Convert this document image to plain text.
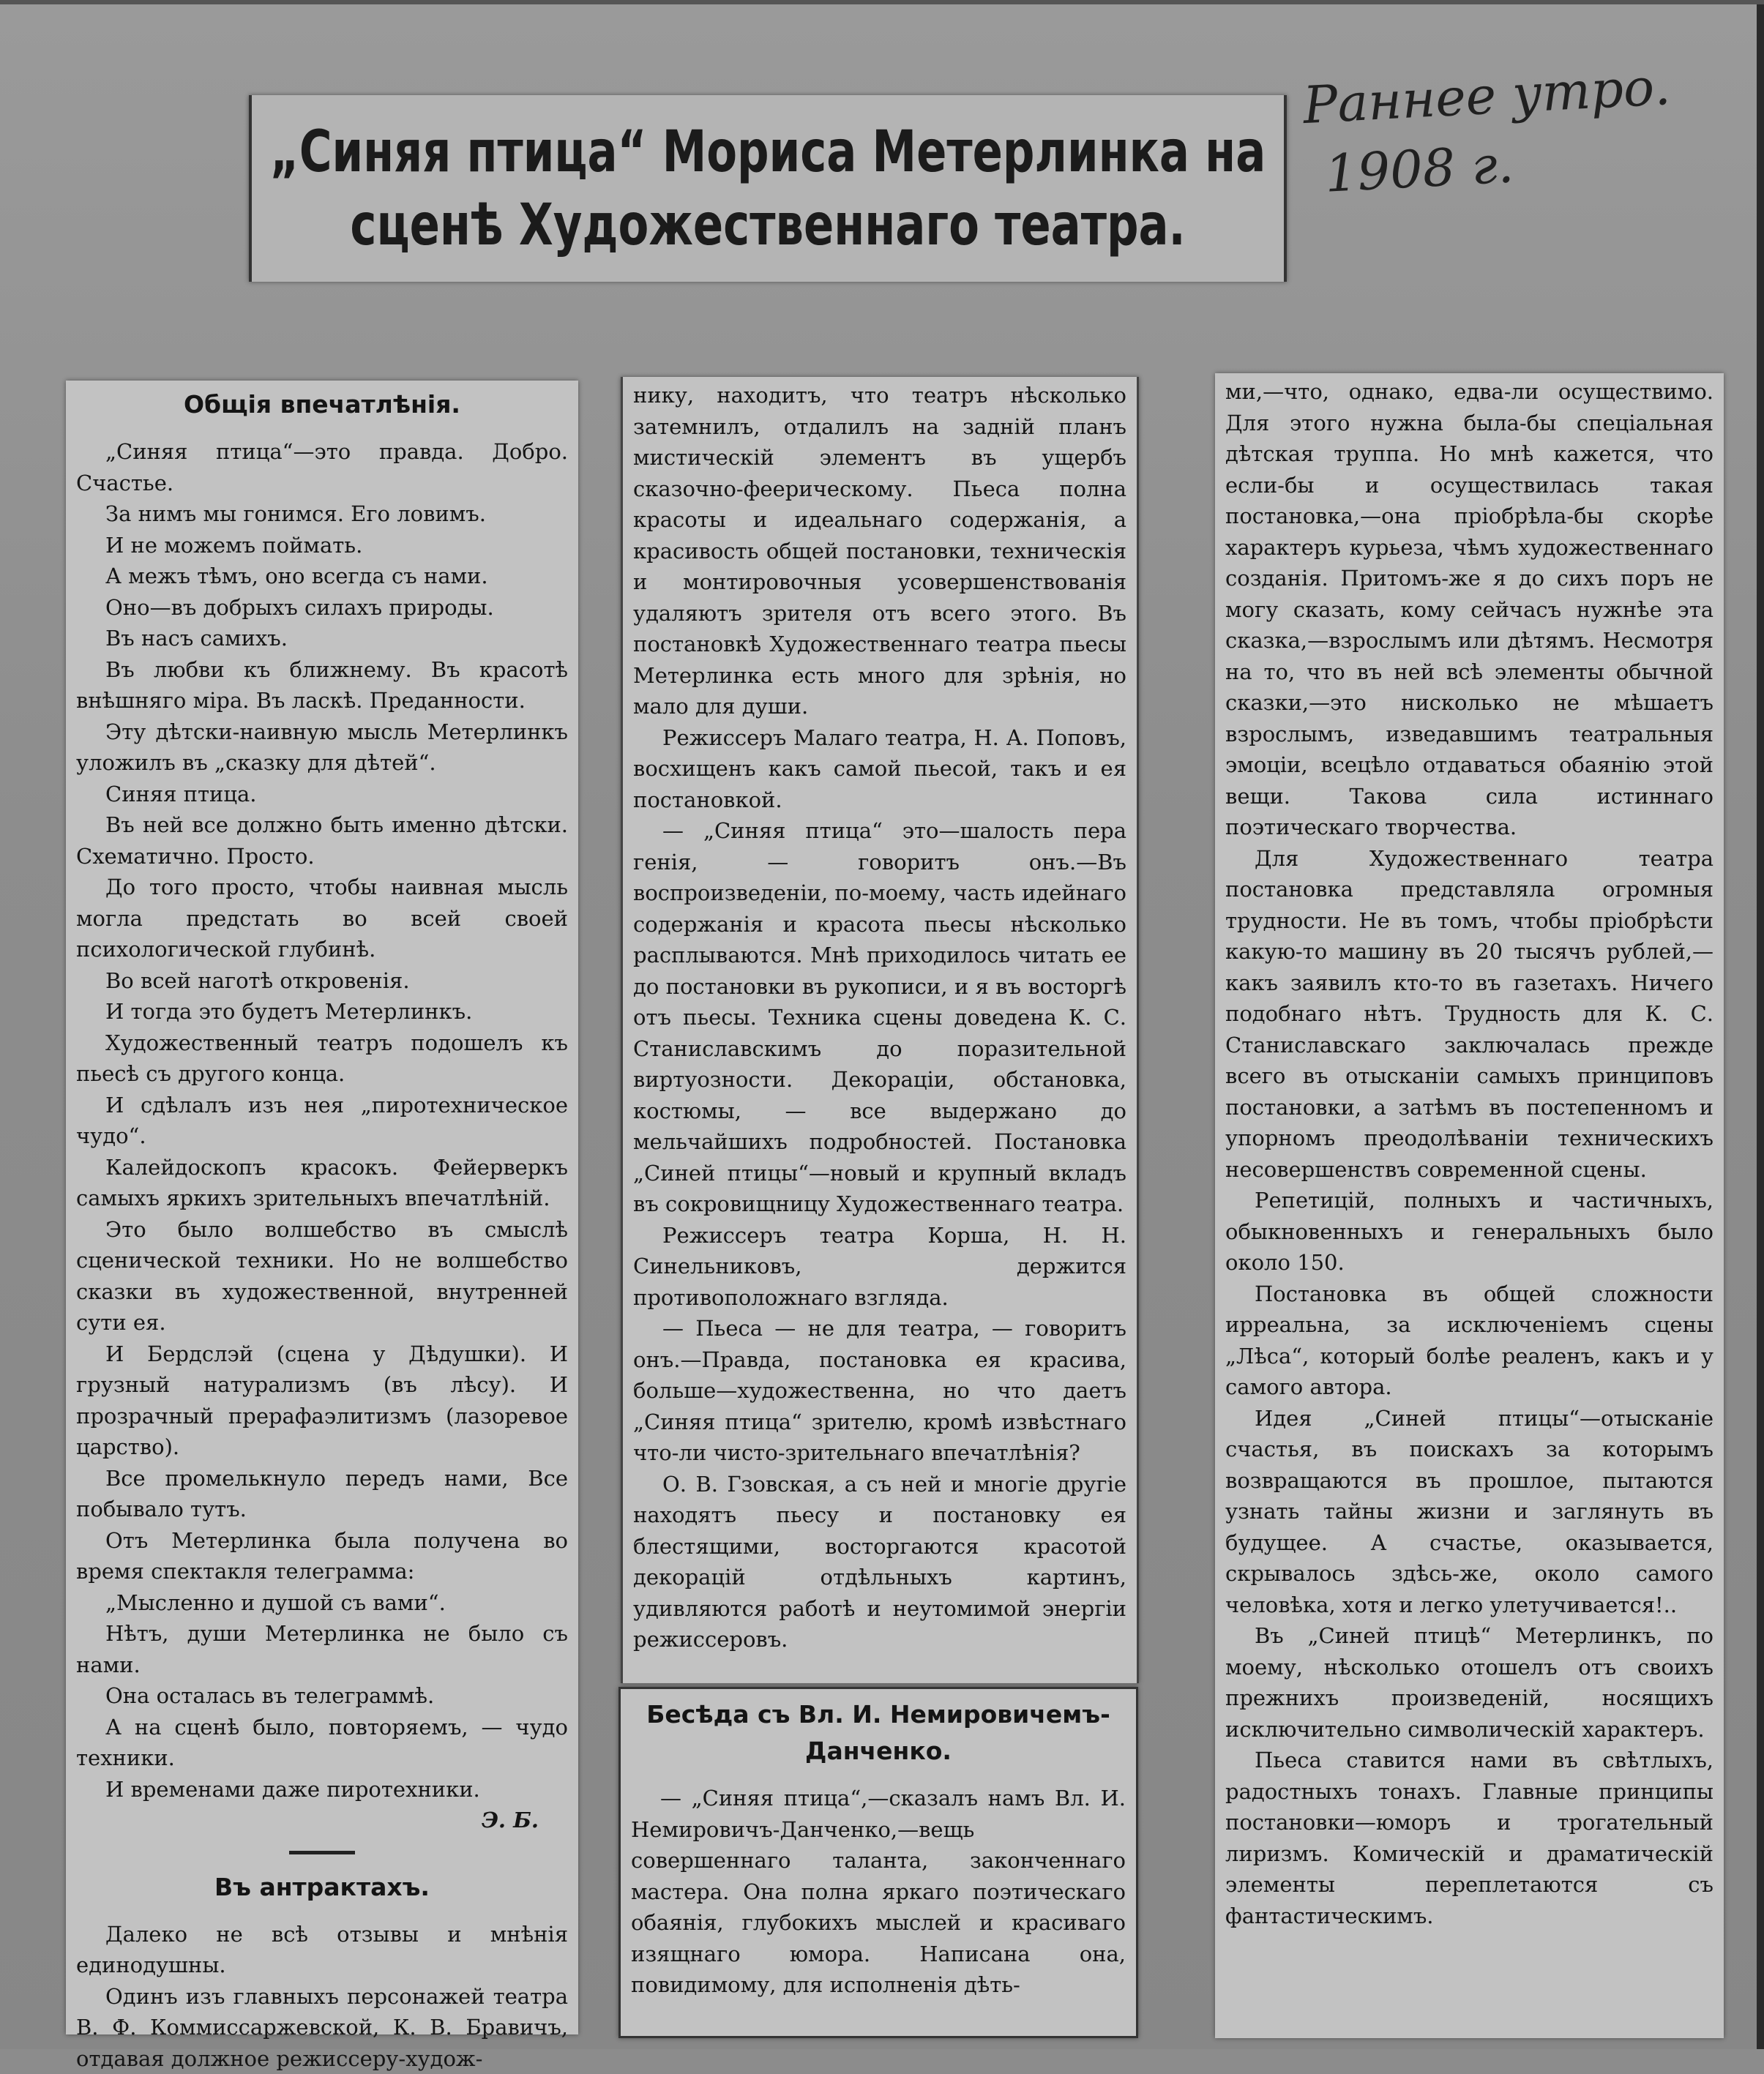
„Синяя птица“ Мориса Метерлинка на
сценѣ Художественнаго театра.
Раннее утро.
1908 г.
Общія впечатлѣнія.

„Синяя птица“—это правда. Добро. Счастье.

За нимъ мы гонимся. Его ловимъ.

И не можемъ поймать.

А межъ тѣмъ, оно всегда съ нами.

Оно—въ добрыхъ силахъ природы.

Въ насъ самихъ.

Въ любви къ ближнему. Въ красотѣ внѣшняго міра. Въ ласкѣ. Преданности.

Эту дѣтски-наивную мысль Метерлинкъ уложилъ въ „сказку для дѣтей“.

Синяя птица.

Въ ней все должно быть именно дѣтски. Схематично. Просто.

До того просто, чтобы наивная мысль могла предстать во всей своей психологической глубинѣ.

Во всей наготѣ откровенія.

И тогда это будетъ Метерлинкъ.

Художественный театръ подошелъ къ пьесѣ съ другого конца.

И сдѣлалъ изъ нея „пиротехническое чудо“.

Калейдоскопъ красокъ. Фейерверкъ самыхъ яркихъ зрительныхъ впечатлѣній.

Это было волшебство въ смыслѣ сценической техники. Но не волшебство сказки въ художественной, внутренней сути ея.

И Бердслэй (сцена у Дѣдушки). И грузный натурализмъ (въ лѣсу). И прозрачный прерафаэлитизмъ (лазоревое царство).

Все промелькнуло передъ нами, Все побывало тутъ.

Отъ Метерлинка была получена во время спектакля телеграмма:

„Мысленно и душой съ вами“.

Нѣтъ, души Метерлинка не было съ нами.

Она осталась въ телеграммѣ.

А на сценѣ было, повторяемъ, — чудо техники.

И временами даже пиротехники.

Э. Б.
Въ антрактахъ.

Далеко не всѣ отзывы и мнѣнія единодушны.

Одинъ изъ главныхъ персонажей театра В. Ф. Коммиссаржевской, К. В. Бравичъ, отдавая должное режиссеру-худож-

нику, находитъ, что театръ нѣсколько затемнилъ, отдалилъ на задній планъ мистическій элементъ въ ущербъ сказочно-феерическому. Пьеса полна красоты и идеальнаго содержанія, а красивость общей постановки, техническія и монтировочныя усовершенствованія удаляютъ зрителя отъ всего этого. Въ постановкѣ Художественнаго театра пьесы Метерлинка есть много для зрѣнія, но мало для души.

Режиссеръ Малаго театра, Н. А. Поповъ, восхищенъ какъ самой пьесой, такъ и ея постановкой.

— „Синяя птица“ это—шалость пера генія, — говоритъ онъ.—Въ воспроизведеніи, по-моему, часть идейнаго содержанія и красота пьесы нѣсколько расплываются. Мнѣ приходилось читать ее до постановки въ рукописи, и я въ восторгѣ отъ пьесы. Техника сцены доведена К. С. Станиславскимъ до поразительной виртуозности. Декораціи, обстановка, костюмы, — все выдержано до мельчайшихъ подробностей. Постановка „Синей птицы“—новый и крупный вкладъ въ сокровищницу Художественнаго театра.

Режиссеръ театра Корша, Н. Н. Синельниковъ, держится противоположнаго взгляда.

— Пьеса — не для театра, — говоритъ онъ.—Правда, постановка ея красива, больше—художественна, но что даетъ „Синяя птица“ зрителю, кромѣ извѣстнаго что-ли чисто-зрительнаго впечатлѣнія?

О. В. Гзовская, а съ ней и многіе другіе находятъ пьесу и постановку ея блестящими, восторгаются красотой декорацій отдѣльныхъ картинъ, удивляются работѣ и неутомимой энергіи режиссеровъ.

Бесѣда съ Вл. И. Немировичемъ-Данченко.

— „Синяя птица“,—сказалъ намъ Вл. И. Немировичъ-Данченко,—вещь совершеннаго таланта, законченнаго мастера. Она полна яркаго поэтическаго обаянія, глубокихъ мыслей и красиваго изящнаго юмора. Написана она, повидимому, для исполненія дѣть-

ми,—что, однако, едва-ли осуществимо. Для этого нужна была-бы спеціальная дѣтская труппа. Но мнѣ кажется, что если-бы и осуществилась такая постановка,—она пріобрѣла-бы скорѣе характеръ курьеза, чѣмъ художественнаго созданія. Притомъ-же я до сихъ поръ не могу сказать, кому сейчасъ нужнѣе эта сказка,—взрослымъ или дѣтямъ. Несмотря на то, что въ ней всѣ элементы обычной сказки,—это нисколько не мѣшаетъ взрослымъ, изведавшимъ театральныя эмоціи, всецѣло отдаваться обаянію этой вещи. Такова сила истиннаго поэтическаго творчества.

Для Художественнаго театра постановка представляла огромныя трудности. Не въ томъ, чтобы пріобрѣсти какую-то машину въ 20 тысячъ рублей,—какъ заявилъ кто-то въ газетахъ. Ничего подобнаго нѣтъ. Трудность для К. С. Станиславскаго заключалась прежде всего въ отысканіи самыхъ принциповъ постановки, а затѣмъ въ постепенномъ и упорномъ преодолѣваніи техническихъ несовершенствъ современной сцены.

Репетицій, полныхъ и частичныхъ, обыкновенныхъ и генеральныхъ было около 150.

Постановка въ общей сложности ирреальна, за исключеніемъ сцены „Лѣса“, который болѣе реаленъ, какъ и у самого автора.

Идея „Синей птицы“—отысканіе счастья, въ поискахъ за которымъ возвращаются въ прошлое, пытаются узнать тайны жизни и заглянуть въ будущее. А счастье, оказывается, скрывалось здѣсь-же, около самого человѣка, хотя и легко улетучивается!..

Въ „Синей птицѣ“ Метерлинкъ, по моему, нѣсколько отошелъ отъ своихъ прежнихъ произведеній, носящихъ исключительно символическій характеръ.

Пьеса ставится нами въ свѣтлыхъ, радостныхъ тонахъ. Главные принципы постановки—юморъ и трогательный лиризмъ. Комическій и драматическій элементы переплетаются съ фантастическимъ.
